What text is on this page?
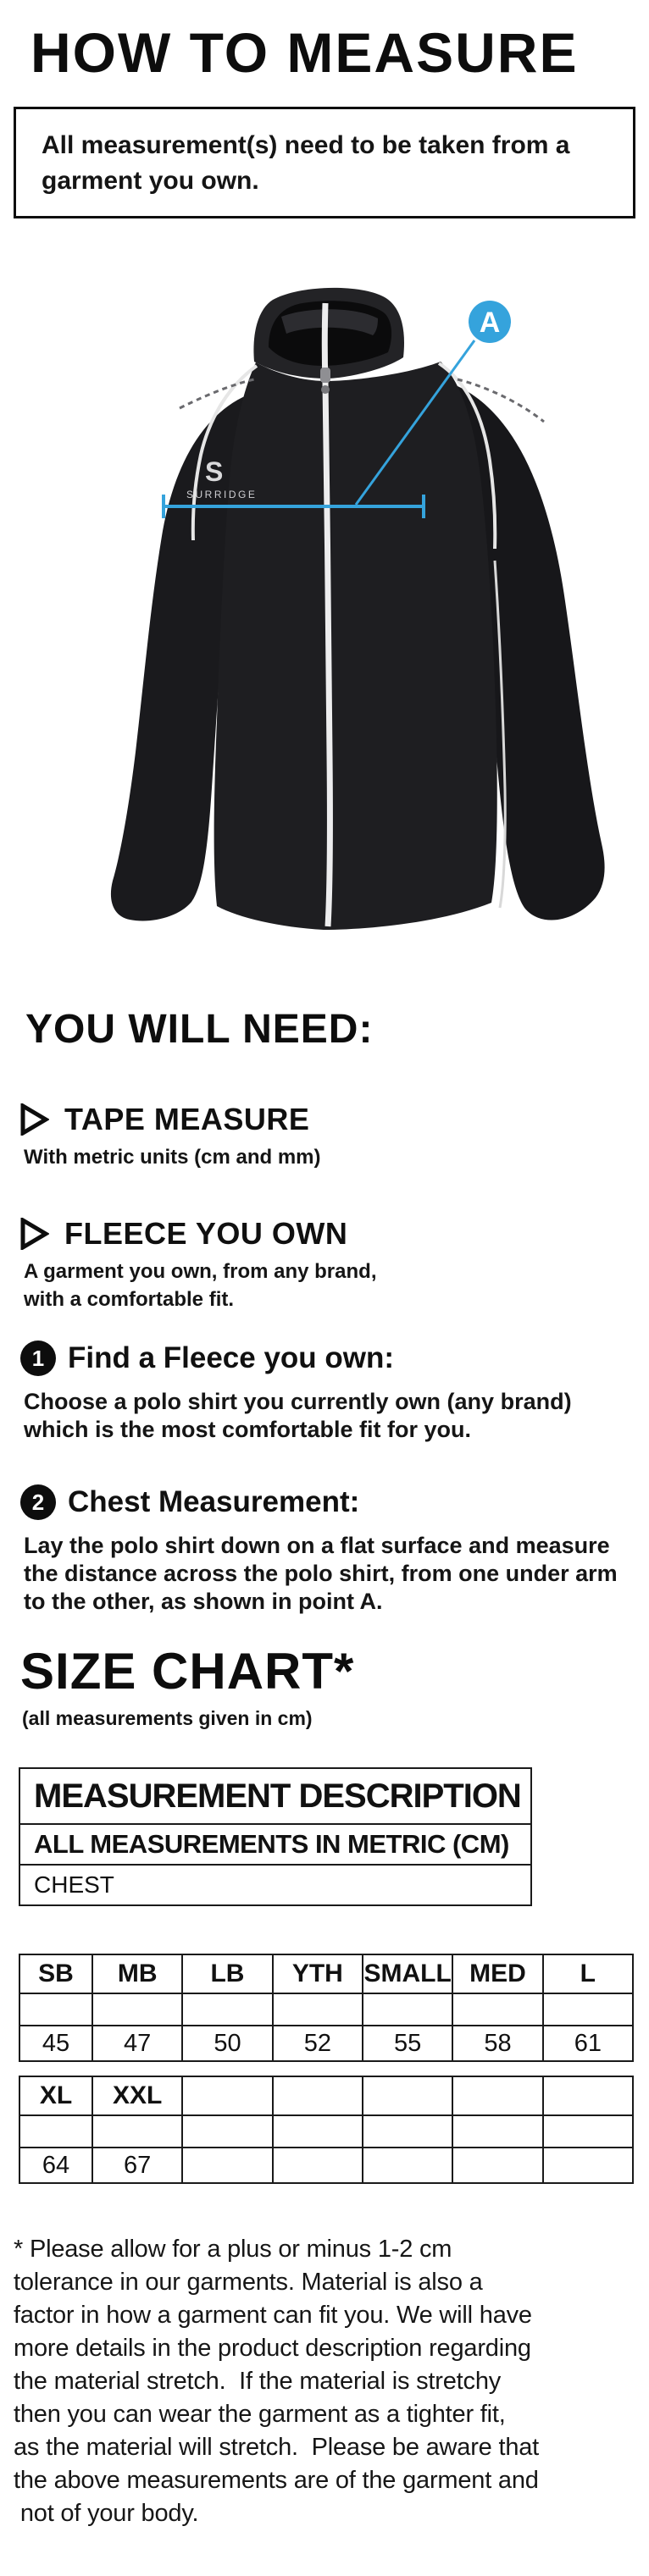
HOW TO MEASURE
All measurement(s) need to be taken from a
garment you own.
S
SURRIDGE
A
YOU WILL NEED:
TAPE MEASURE
With metric units (cm and mm)
FLEECE YOU OWN
A garment you own, from any brand,
with a comfortable fit.
1 Find a Fleece you own:
Choose a polo shirt you currently own (any brand)
which is the most comfortable fit for you.
2 Chest Measurement:
Lay the polo shirt down on a flat surface and measure
the distance across the polo shirt, from one under arm
to the other, as shown in point A.
SIZE CHART*
(all measurements given in cm)
MEASUREMENT DESCRIPTION
ALL MEASUREMENTS IN METRIC (CM)
CHEST
SB	MB	LB	YTH	SMALL	MED	L

45	47	50	52	55	58	61
XL	XXL					

64	67					
* Please allow for a plus or minus 1-2 cm
tolerance in our garments. Material is also a
factor in how a garment can fit you. We will have
more details in the product description regarding
the material stretch.  If the material is stretchy
then you can wear the garment as a tighter fit,
as the material will stretch.  Please be aware that
the above measurements are of the garment and
not of your body.
